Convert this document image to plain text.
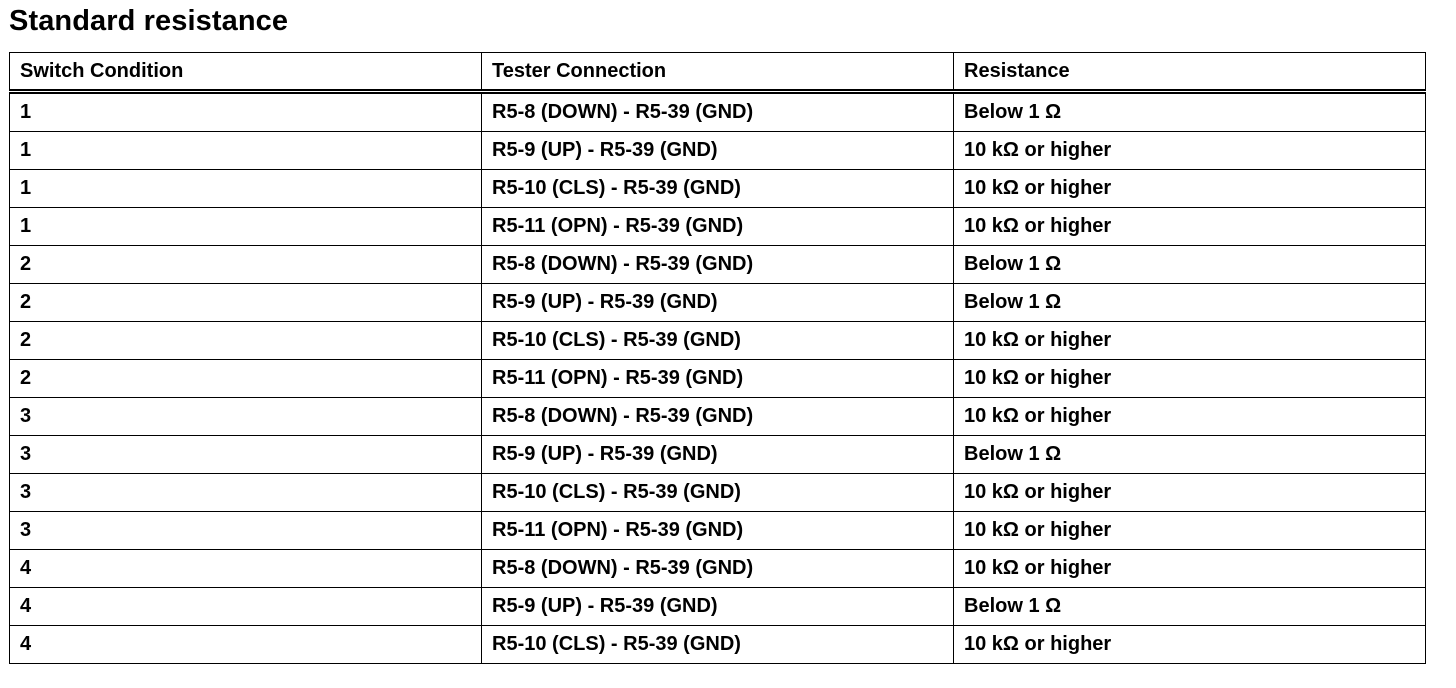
Standard resistance
Switch Condition	Tester Connection	Resistance
1	R5-8 (DOWN) - R5-39 (GND)	Below 1 Ω
1	R5-9 (UP) - R5-39 (GND)	10 kΩ or higher
1	R5-10 (CLS) - R5-39 (GND)	10 kΩ or higher
1	R5-11 (OPN) - R5-39 (GND)	10 kΩ or higher
2	R5-8 (DOWN) - R5-39 (GND)	Below 1 Ω
2	R5-9 (UP) - R5-39 (GND)	Below 1 Ω
2	R5-10 (CLS) - R5-39 (GND)	10 kΩ or higher
2	R5-11 (OPN) - R5-39 (GND)	10 kΩ or higher
3	R5-8 (DOWN) - R5-39 (GND)	10 kΩ or higher
3	R5-9 (UP) - R5-39 (GND)	Below 1 Ω
3	R5-10 (CLS) - R5-39 (GND)	10 kΩ or higher
3	R5-11 (OPN) - R5-39 (GND)	10 kΩ or higher
4	R5-8 (DOWN) - R5-39 (GND)	10 kΩ or higher
4	R5-9 (UP) - R5-39 (GND)	Below 1 Ω
4	R5-10 (CLS) - R5-39 (GND)	10 kΩ or higher
